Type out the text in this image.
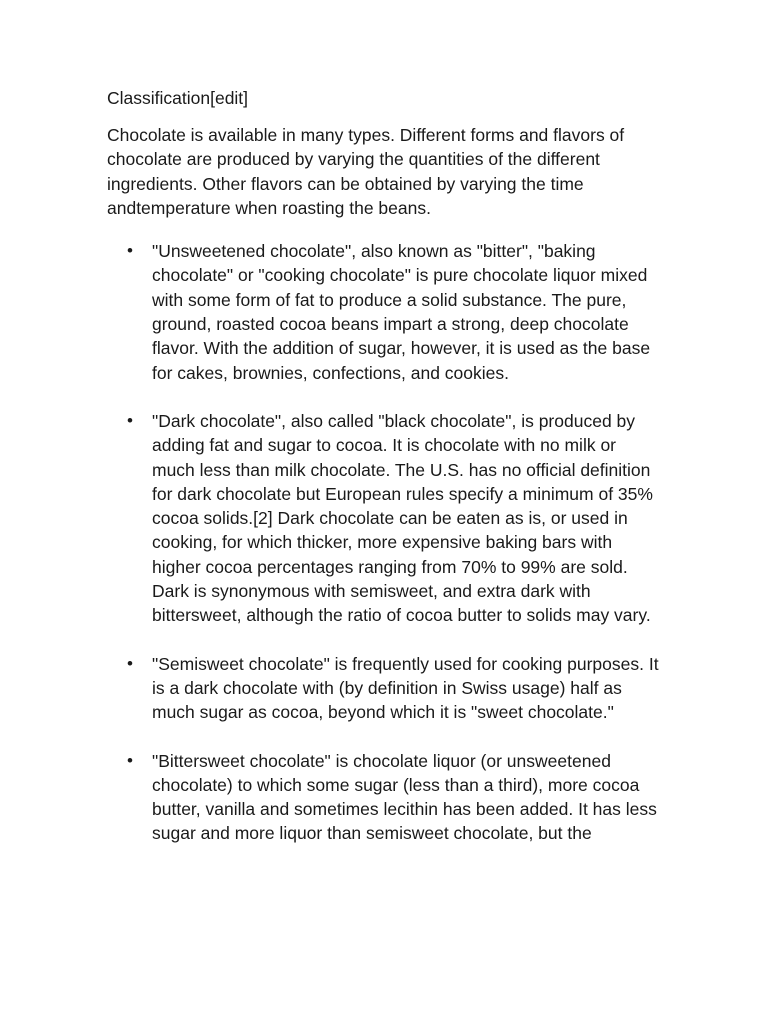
Classification[edit]

Chocolate is available in many types. Different forms and flavors of chocolate are produced by varying the quantities of the different ingredients. Other flavors can be obtained by varying the time andtemperature when roasting the beans.

• "Unsweetened chocolate", also known as "bitter", "baking chocolate" or "cooking chocolate" is pure chocolate liquor mixed with some form of fat to produce a solid substance. The pure, ground, roasted cocoa beans impart a strong, deep chocolate flavor. With the addition of sugar, however, it is used as the base for cakes, brownies, confections, and cookies.
• "Dark chocolate", also called "black chocolate", is produced by adding fat and sugar to cocoa. It is chocolate with no milk or much less than milk chocolate. The U.S. has no official definition for dark chocolate but European rules specify a minimum of 35% cocoa solids.[2] Dark chocolate can be eaten as is, or used in cooking, for which thicker, more expensive baking bars with higher cocoa percentages ranging from 70% to 99% are sold. Dark is synonymous with semisweet, and extra dark with bittersweet, although the ratio of cocoa butter to solids may vary.
• "Semisweet chocolate" is frequently used for cooking purposes. It is a dark chocolate with (by definition in Swiss usage) half as much sugar as cocoa, beyond which it is "sweet chocolate."
• "Bittersweet chocolate" is chocolate liquor (or unsweetened chocolate) to which some sugar (less than a third), more cocoa butter, vanilla and sometimes lecithin has been added. It has less sugar and more liquor than semisweet chocolate, but the
